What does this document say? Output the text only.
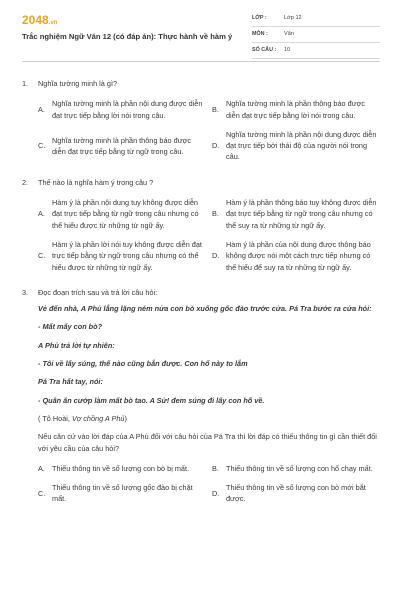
2048.vn
Trắc nghiệm Ngữ Văn 12 (có đáp án): Thực hành về hàm ý
LỚP :	Lớp 12
MÔN :	Văn
SỐ CÂU : 10
1.	Nghĩa tường minh là gì?
A.
Nghĩa tường minh là phần nội dung được diễn đạt trực tiếp bằng lời nói trong câu.
B.
Nghĩa tường minh là phần thông báo được diễn đạt trực tiếp bằng lời nói trong câu.
C.
Nghĩa tường minh là phần thông báo được diễn đạt trực tiếp bằng từ ngữ trong câu.
D.
Nghĩa tường minh là phần nội dung được diễn đạt trực tiếp bởi thái độ của người nói trong câu.
2.	Thế nào là nghĩa hàm ý trong câu ?
A.
Hàm ý là phần nội dung tuy không được diễn đạt trực tiếp bằng từ ngữ trong câu nhưng có thể hiểu được từ những từ ngữ ấy.
B.
Hàm ý là phần thông báo tuy không được diễn đạt trực tiếp bằng từ ngữ trong câu nhưng có thể suy ra từ những từ ngữ ấy.
C.
Hàm ý là phần lời nói tuy không được diễn đạt trực tiếp bằng từ ngữ trong câu nhưng có thể hiểu được từ những từ ngữ ấy.
D.
Hàm ý là phần của nội dung được thông báo không được nói một cách trực tiếp nhưng có thể hiểu để suy ra từ những từ ngữ ấy.
3.	Đọc đoạn trích sau và trả lời câu hỏi:

Vẻ đến nhà, A Phủ lẳng lặng ném nửa con bò xuống gốc đào trước cửa. Pá Tra bước ra cửa hỏi:

- Mất mấy con bò?

A Phủ trả lời tự nhiên:

- Tôi về lấy súng, thế nào cũng bắn được. Con hổ này to lắm

Pá Tra hất tay, nói:

- Quân ăn cướp làm mất bò tao. A Sử! đem súng đi lấy con hổ về.

( Tô Hoài, Vợ chồng A Phủ)

Nếu căn cứ vào lời đáp của A Phủ đối với câu hỏi của Pá Tra thì lời đáp có thiếu thông tin gì cần thiết đối với yêu cầu của câu hỏi?

A. Thiếu thông tin về số lượng con bò bị mất.	B. Thiếu thông tin về số lượng con hổ chạy mất.
C.
Thiếu thông tin về số lượng gốc đào bị chặt mất.
D.
Thiếu thông tin về số lượng con bò mới bắt được.
